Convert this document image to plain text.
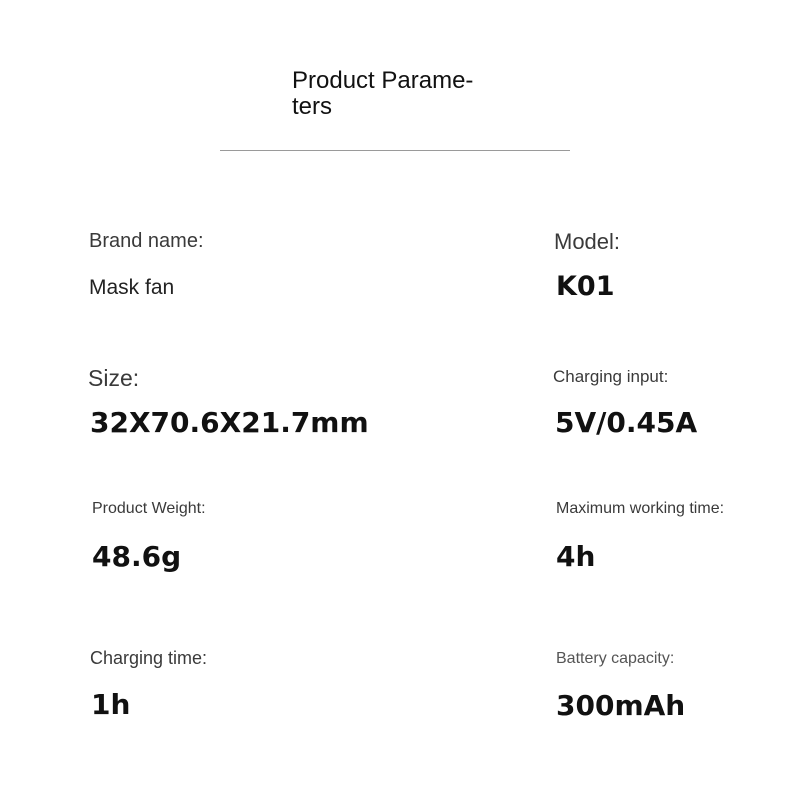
Product Parame-
ters
Brand name:
Mask fan
Model:
K01
Size:
32X70.6X21.7mm
Charging input:
5V/0.45A
Product Weight:
48.6g
Maximum working time:
4h
Charging time:
1h
Battery capacity:
300mAh
